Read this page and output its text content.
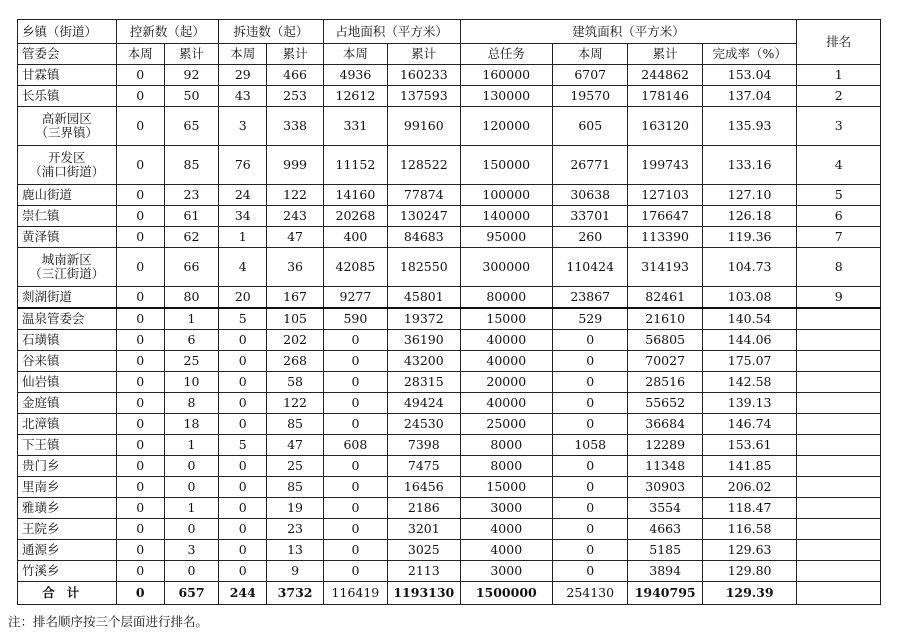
乡镇（街道）	控新数（起）		拆违数（起）		占地面积（平方米）		建筑面积（平方米）				排名
管委会	本周	累计	本周	累计	本周	累计	总任务	本周	累计	完成率（%）	

甘霖镇	0	92	29	466	4936	160233	160000	6707	244862	153.04	1

长乐镇	0	50	43	253	12612	137593	130000	19570	178146	137.04	2

高新园区
（三界镇）	0	65	3	338	331	99160	120000	605	163120	135.93	3

开发区
（浦口街道）	0	85	76	999	11152	128522	150000	26771	199743	133.16	4

鹿山街道	0	23	24	122	14160	77874	100000	30638	127103	127.10	5

崇仁镇	0	61	34	243	20268	130247	140000	33701	176647	126.18	6

黄泽镇	0	62	1	47	400	84683	95000	260	113390	119.36	7

城南新区
（三江街道）	0	66	4	36	42085	182550	300000	110424	314193	104.73	8

剡湖街道	0	80	20	167	9277	45801	80000	23867	82461	103.08	9

温泉管委会	0	1	5	105	590	19372	15000	529	21610	140.54	

石璜镇	0	6	0	202	0	36190	40000	0	56805	144.06	

谷来镇	0	25	0	268	0	43200	40000	0	70027	175.07	

仙岩镇	0	10	0	58	0	28315	20000	0	28516	142.58	

金庭镇	0	8	0	122	0	49424	40000	0	55652	139.13	

北漳镇	0	18	0	85	0	24530	25000	0	36684	146.74	

下王镇	0	1	5	47	608	7398	8000	1058	12289	153.61	

贵门乡	0	0	0	25	0	7475	8000	0	11348	141.85	

里南乡	0	0	0	85	0	16456	15000	0	30903	206.02	

雅璜乡	0	1	0	19	0	2186	3000	0	3554	118.47	

王院乡	0	0	0	23	0	3201	4000	0	4663	116.58	

通源乡	0	3	0	13	0	3025	4000	0	5185	129.63	

竹溪乡	0	0	0	9	0	2113	3000	0	3894	129.80	
合计	0	657	244	3732	116419	1193130	1500000	254130	1940795	129.39	
注：排名顺序按三个层面进行排名。
